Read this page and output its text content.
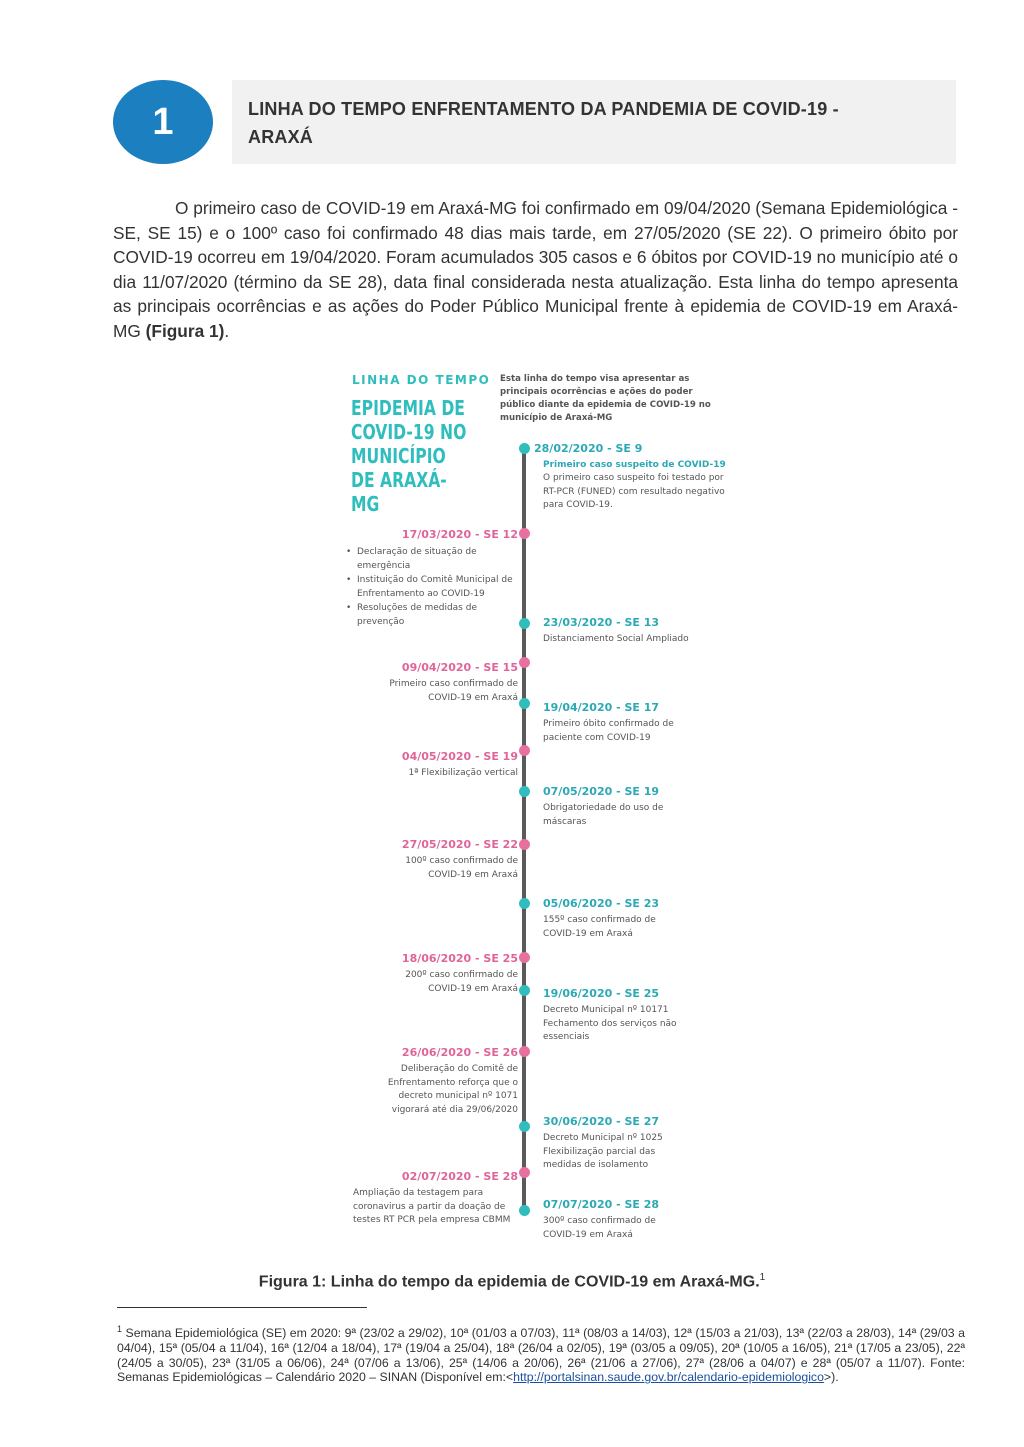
1	LINHA DO TEMPO ENFRENTAMENTO DA PANDEMIA DE COVID-19 -
ARAXÁ

O primeiro caso de COVID-19 em Araxá-MG foi confirmado em 09/04/2020 (Semana Epidemiológica - SE, SE 15) e o 100º caso foi confirmado 48 dias mais tarde, em 27/05/2020 (SE 22). O primeiro óbito por COVID-19 ocorreu em 19/04/2020. Foram acumulados 305 casos e 6 óbitos por COVID-19 no município até o dia 11/07/2020 (término da SE 28), data final considerada nesta atualização. Esta linha do tempo apresenta as principais ocorrências e as ações do Poder Público Municipal frente à epidemia de COVID-19 em Araxá-MG (Figura 1).

LINHA DO TEMPO
EPIDEMIA DE COVID-19 NO MUNICÍPIO DE ARAXÁ-MG
Esta linha do tempo visa apresentar as principais ocorrências e ações do poder público diante da epidemia de COVID-19 no município de Araxá-MG
28/02/2020 - SE 9
Primeiro caso suspeito de COVID-19
O primeiro caso suspeito foi testado por RT-PCR (FUNED) com resultado negativo para COVID-19.
17/03/2020 - SE 12
• Declaração de situação de emergência
• Instituição do Comitê Municipal de Enfrentamento ao COVID-19
• Resoluções de medidas de prevenção	23/03/2020 - SE 13
Distanciamento Social Ampliado
09/04/2020 - SE 15
Primeiro caso confirmado de COVID-19 em Araxá
19/04/2020 - SE 17
Primeiro óbito confirmado de paciente com COVID-19
04/05/2020 - SE 19
1ª Flexibilização vertical
07/05/2020 - SE 19
Obrigatoriedade do uso de máscaras
27/05/2020 - SE 22
100º caso confirmado de COVID-19 em Araxá
05/06/2020 - SE 23
155º caso confirmado de COVID-19 em Araxá
18/06/2020 - SE 25
200º caso confirmado de COVID-19 em Araxá	19/06/2020 - SE 25
Decreto Municipal nº 10171 Fechamento dos serviços não essenciais
26/06/2020 - SE 26
Deliberação do Comitê de Enfrentamento reforça que o decreto municipal nº 1071 vigorará até dia 29/06/2020
30/06/2020 - SE 27
Decreto Municipal nº 1025 Flexibilização parcial das medidas de isolamento
02/07/2020 - SE 28
Ampliação da testagem para coronavirus a partir da doação de testes RT PCR pela empresa CBMM
07/07/2020 - SE 28
300º caso confirmado de COVID-19 em Araxá
Figura 1: Linha do tempo da epidemia de COVID-19 em Araxá-MG.$^1$

$^1$ Semana Epidemiológica (SE) em 2020: 9ª (23/02 a 29/02), 10ª (01/03 a 07/03), 11ª (08/03 a 14/03), 12ª (15/03 a 21/03), 13ª (22/03 a 28/03), 14ª (29/03 a 04/04), 15ª (05/04 a 11/04), 16ª (12/04 a 18/04), 17ª (19/04 a 25/04), 18ª (26/04 a 02/05), 19ª (03/05 a 09/05), 20ª (10/05 a 16/05), 21ª (17/05 a 23/05), 22ª (24/05 a 30/05), 23ª (31/05 a 06/06), 24ª (07/06 a 13/06), 25ª (14/06 a 20/06), 26ª (21/06 a 27/06), 27ª (28/06 a 04/07) e 28ª (05/07 a 11/07). Fonte: Semanas Epidemiológicas – Calendário 2020 – SINAN (Disponível em:<http://portalsinan.saude.gov.br/calendario-epidemiologico>).
